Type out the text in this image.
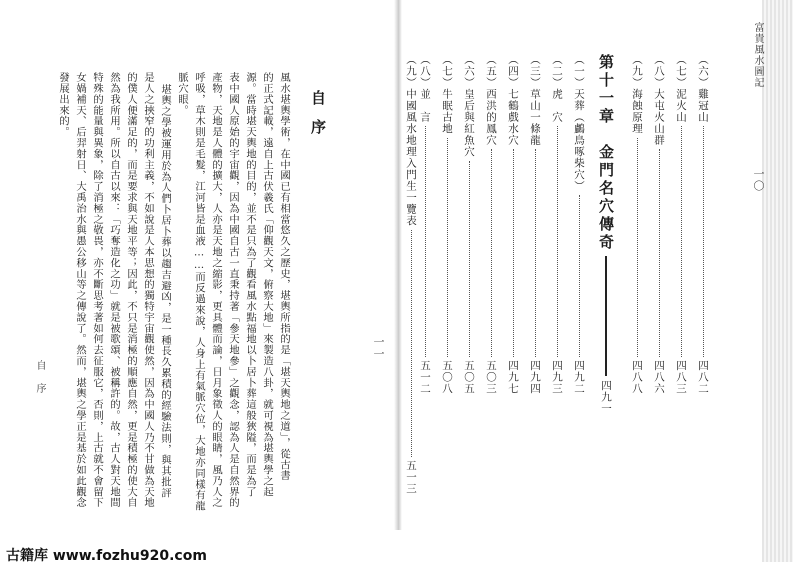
富貴風水圖記
一〇
（六）雞冠山
四八二
（七）泥火山
四八三
（八）大屯火山群
四八六
（九）海蝕原理
四八八
第十一章　金門名穴傳奇
四九一
（一）天葬（鸕鳥啄柴穴）
四九二
（二）虎　穴
四九三
（三）草山一條龍
四九四
（四）七鶴戲水穴
四九七
（五）西洪的鳳穴
五〇三
（六）皇后與紅魚穴
五〇五
（七）牛眠古地
五〇八
（八）並　言
五一二
（九）中國風水地理入門生一覽表
五一三
自序
風水堪輿學術，在中國已有相當悠久之歷史，堪輿所指的是「堪天輿地之道」，從古書
的正式記載，遠自上古伏羲氏「仰觀天文，俯察大地」來製造八卦，就可視為堪輿學之起
源。當時堪天輿地的目的，並不是只為了觀看風水點福地以卜居卜葬這般狹隘，而是為了
表中國人原始的宇宙觀，因為中國自古一直秉持著「參天地參」之觀念，認為人是自然界的
產物，天地是人體的擴大，人亦是天地之縮影，更具體而論，日月象徵人的眼睛，風乃人之
呼吸，草木則是毛髮，江河皆是血液……而反過來說，人身上有氣脈穴位，大地亦同樣有龍
脈穴眼。
堪輿之學被運用於為人們卜居卜葬以趨吉避凶，是一種長久累積的經驗法則，與其批評
是人之挾窄的功利主義，不如說是人本思想的獨特宇宙觀使然，因為中國人乃不甘做為天地
的僕人便滿足的，而是要求與天地平等；因此，不只是消極的順應自然，更是積極的使大自
然為我所用。所以自古以來：「巧奪造化之功」就是被歌頌、被稱許的。故，古人對天地間
特殊的能量與異象，除了消極之敬畏，亦不斷思考著如何去征服它，否則，上古就不會留下
女媧補天、后羿射日、大禹治水與愚公移山等之傳說了。然而，堪輿之學正是基於如此觀念
發展出來的。
自 序
一一
古籍库 www.fozhu920.com
